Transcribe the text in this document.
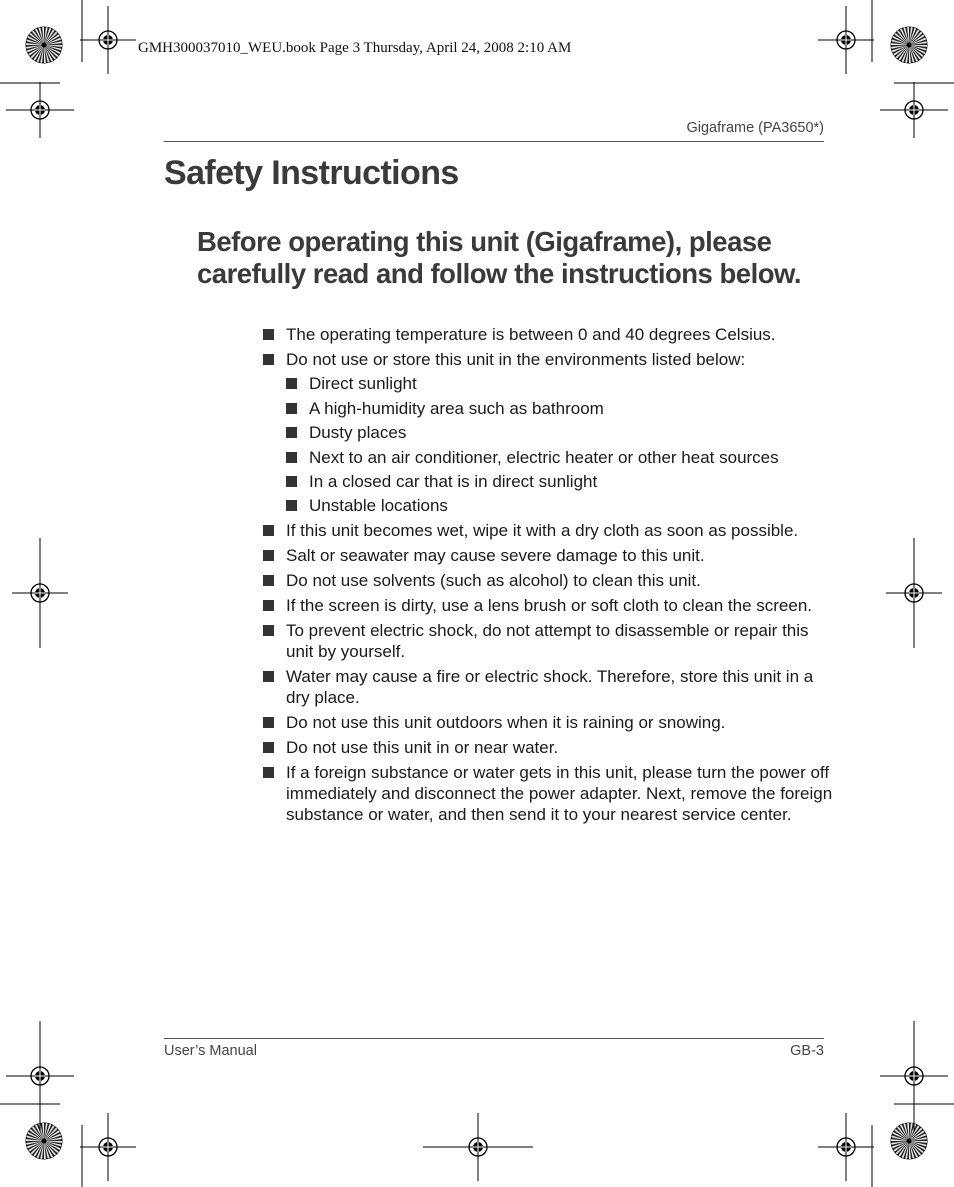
GMH300037010_WEU.book Page 3 Thursday, April 24, 2008 2:10 AM
Gigaframe (PA3650*)
Safety Instructions
Before operating this unit (Gigaframe), please carefully read and follow the instructions below.
The operating temperature is between 0 and 40 degrees Celsius.
Do not use or store this unit in the environments listed below:
Direct sunlight
A high-humidity area such as bathroom
Dusty places
Next to an air conditioner, electric heater or other heat sources
In a closed car that is in direct sunlight
Unstable locations
If this unit becomes wet, wipe it with a dry cloth as soon as possible.
Salt or seawater may cause severe damage to this unit.
Do not use solvents (such as alcohol) to clean this unit.
If the screen is dirty, use a lens brush or soft cloth to clean the screen.
To prevent electric shock, do not attempt to disassemble or repair this unit by yourself.
Water may cause a fire or electric shock. Therefore, store this unit in a dry place.
Do not use this unit outdoors when it is raining or snowing.
Do not use this unit in or near water.
If a foreign substance or water gets in this unit, please turn the power off immediately and disconnect the power adapter. Next, remove the foreign substance or water, and then send it to your nearest service center.
User’s Manual	GB-3
